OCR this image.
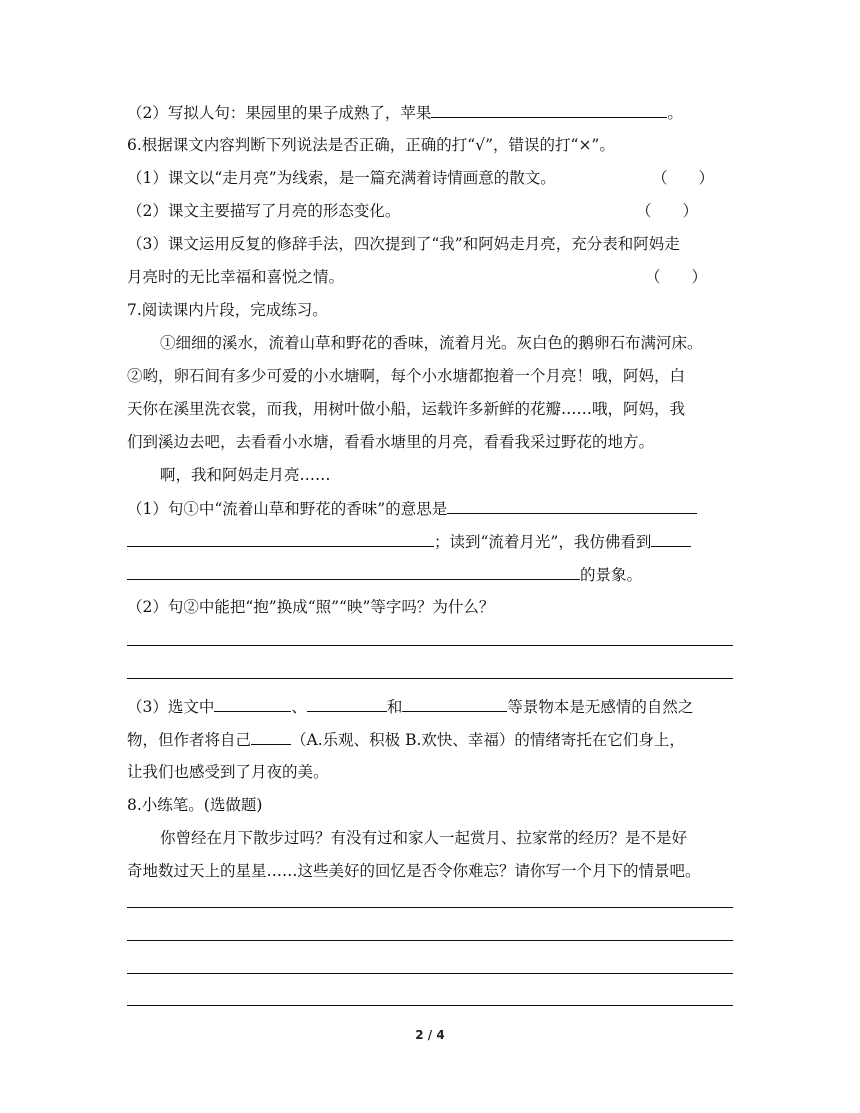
（2）写拟人句：果园里的果子成熟了，苹果	。
6.根据课文内容判断下列说法是否正确，正确的打“√”，错误的打“×”。
（1）课文以“走月亮”为线索，是一篇充满着诗情画意的散文。	（　　）
（2）课文主要描写了月亮的形态变化。	（　　）
（3）课文运用反复的修辞手法，四次提到了“我”和阿妈走月亮，充分表和阿妈走
月亮时的无比幸福和喜悦之情。	（　　）
7.阅读课内片段，完成练习。
①细细的溪水，流着山草和野花的香味，流着月光。灰白色的鹅卵石布满河床。
②哟，卵石间有多少可爱的小水塘啊，每个小水塘都抱着一个月亮！哦，阿妈，白
天你在溪里洗衣裳，而我，用树叶做小船，运载许多新鲜的花瓣……哦，阿妈，我
们到溪边去吧，去看看小水塘，看看水塘里的月亮，看看我采过野花的地方。
啊，我和阿妈走月亮……
（1）句①中“流着山草和野花的香味”的意思是
；读到“流着月光”，我仿佛看到
的景象。
（2）句②中能把“抱”换成“照”“映”等字吗？为什么？
（3）选文中	、	和	等景物本是无感情的自然之
物，但作者将自己	（A.乐观、积极 B.欢快、幸福）的情绪寄托在它们身上，
让我们也感受到了月夜的美。
8.小练笔。(选做题)
你曾经在月下散步过吗？有没有过和家人一起赏月、拉家常的经历？是不是好
奇地数过天上的星星……这些美好的回忆是否令你难忘？请你写一个月下的情景吧。
2 / 4
